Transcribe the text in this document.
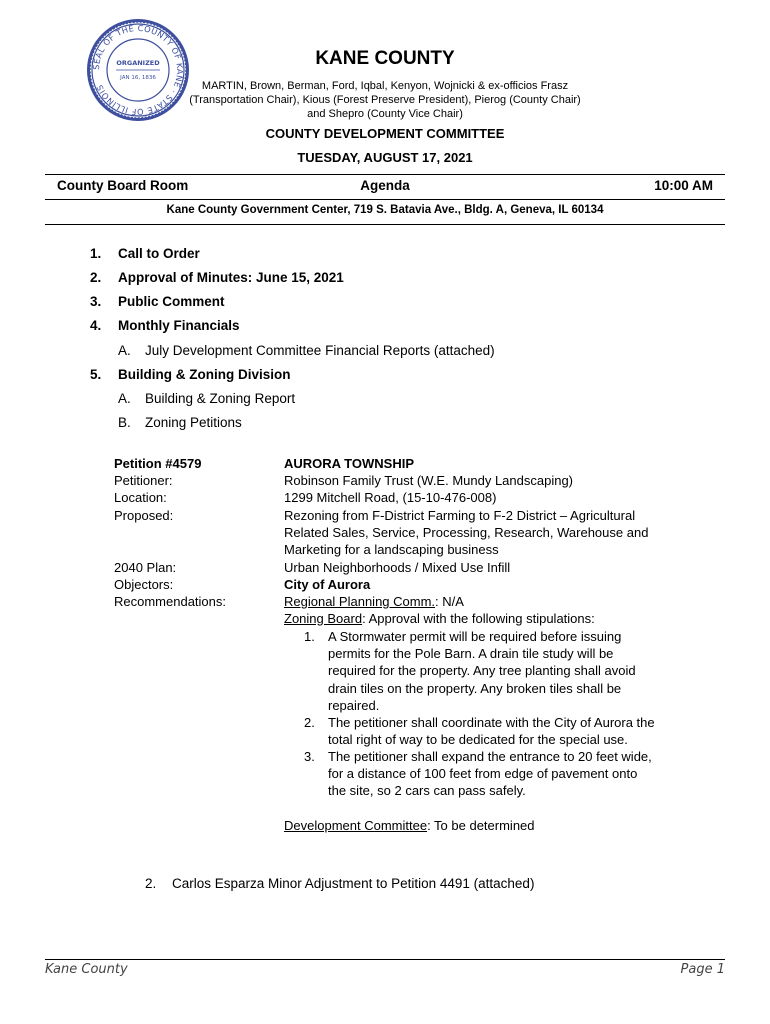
SEAL OF THE COUNTY OF KANE · STATE OF ILLINOIS
ORGANIZED
JAN 16, 1836
KANE COUNTY
MARTIN, Brown, Berman, Ford, Iqbal, Kenyon, Wojnicki & ex-officios Frasz
(Transportation Chair), Kious (Forest Preserve President), Pierog (County Chair)
and Shepro (County Vice Chair)
COUNTY DEVELOPMENT COMMITTEE
TUESDAY, AUGUST 17, 2021
County Board Room	Agenda	10:00 AM
Kane County Government Center, 719 S. Batavia Ave., Bldg. A, Geneva, IL 60134
1. Call to Order
2. Approval of Minutes: June 15, 2021
3. Public Comment
4. Monthly Financials
A. July Development Committee Financial Reports (attached)
5. Building & Zoning Division
A. Building & Zoning Report
B. Zoning Petitions
Petition #4579	AURORA TOWNSHIP
Petitioner:	Robinson Family Trust (W.E. Mundy Landscaping)
Location:	1299 Mitchell Road, (15-10-476-008)
Proposed:	Rezoning from F-District Farming to F-2 District – Agricultural
Related Sales, Service, Processing, Research, Warehouse and
Marketing for a landscaping business
2040 Plan:	Urban Neighborhoods / Mixed Use Infill
Objectors:	City of Aurora
Recommendations:	Regional Planning Comm.: N/A
Zoning Board: Approval with the following stipulations:
1. A Stormwater permit will be required before issuing
permits for the Pole Barn. A drain tile study will be
required for the property. Any tree planting shall avoid
drain tiles on the property. Any broken tiles shall be
repaired.
2. The petitioner shall coordinate with the City of Aurora the
total right of way to be dedicated for the special use.
3. The petitioner shall expand the entrance to 20 feet wide,
for a distance of 100 feet from edge of pavement onto
the site, so 2 cars can pass safely.
Development Committee: To be determined
2. Carlos Esparza Minor Adjustment to Petition 4491 (attached)
Kane County	Page 1
